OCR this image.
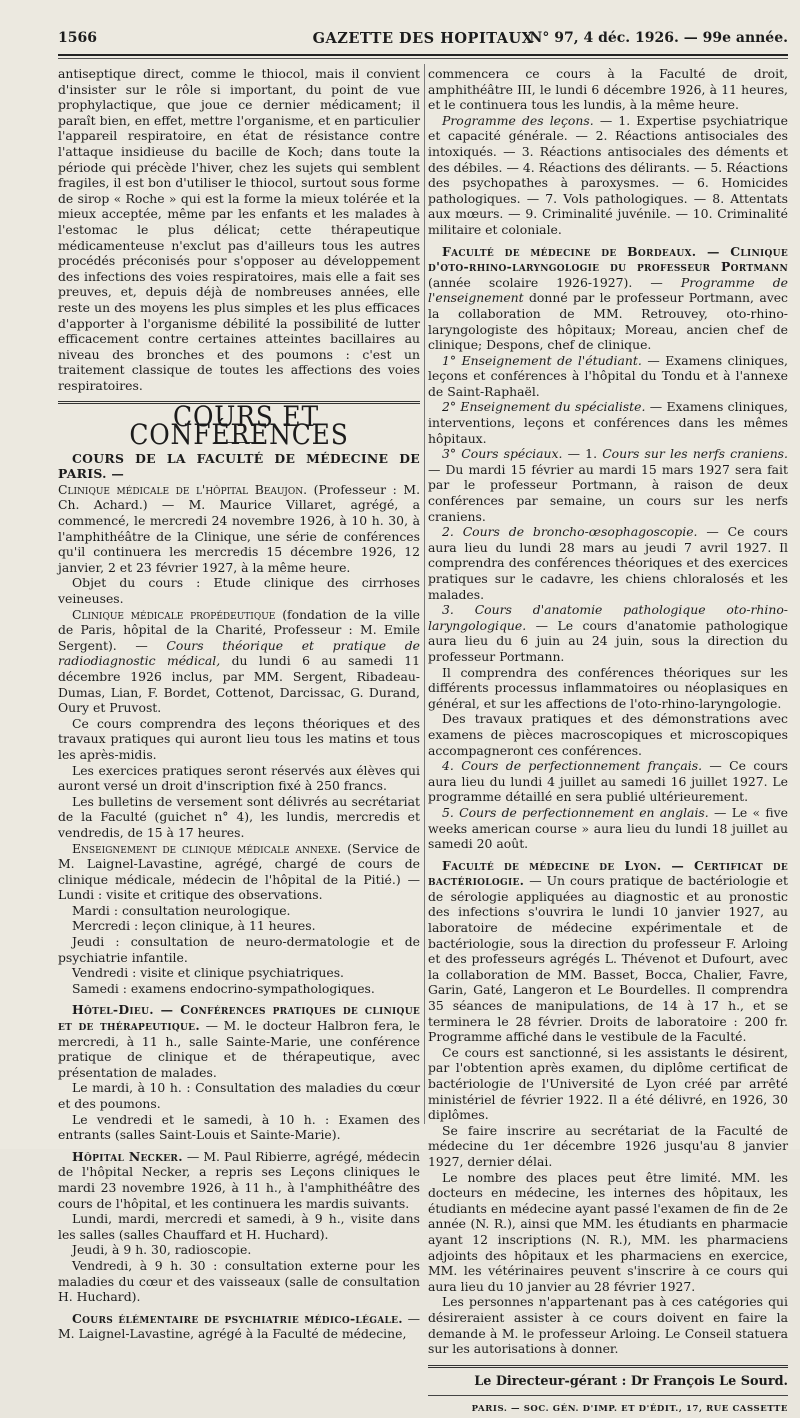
1566	GAZETTE DES HOPITAUX
N° 97, 4 déc. 1926. — 99e année.

antiseptique direct, comme le thiocol, mais il convient d'insister sur le rôle si important, du point de vue prophylactique, que joue ce dernier médicament; il paraît bien, en effet, mettre l'organisme, et en particulier l'appareil respiratoire, en état de résistance contre l'attaque insidieuse du bacille de Koch; dans toute la période qui précède l'hiver, chez les sujets qui semblent fragiles, il est bon d'utiliser le thiocol, surtout sous forme de sirop « Roche » qui est la forme la mieux tolérée et la mieux acceptée, même par les enfants et les malades à l'estomac le plus délicat; cette thérapeutique médicamenteuse n'exclut pas d'ailleurs tous les autres procédés préconisés pour s'opposer au développement des infections des voies respiratoires, mais elle a fait ses preuves, et, depuis déjà de nombreuses années, elle reste un des moyens les plus simples et les plus efficaces d'apporter à l'organisme débilité la possibilité de lutter efficacement contre certaines atteintes bacillaires au niveau des bronches et des poumons : c'est un traitement classique de toutes les affections des voies respiratoires.

COURS ET CONFÉRENCES

COURS DE LA FACULTÉ DE MÉDECINE DE PARIS. —

Clinique médicale de l'hôpital Beaujon. (Professeur : M. Ch. Achard.) — M. Maurice Villaret, agrégé, a commencé, le mercredi 24 novembre 1926, à 10 h. 30, à l'amphithéâtre de la Clinique, une série de conférences qu'il continuera les mercredis 15 décembre 1926, 12 janvier, 2 et 23 février 1927, à la même heure.

Objet du cours : Etude clinique des cirrhoses veineuses.

Clinique médicale propédeutique (fondation de la ville de Paris, hôpital de la Charité, Professeur : M. Emile Sergent). — Cours théorique et pratique de radiodiagnostic médical, du lundi 6 au samedi 11 décembre 1926 inclus, par MM. Sergent, Ribadeau-Dumas, Lian, F. Bordet, Cottenot, Darcissac, G. Durand, Oury et Pruvost.

Ce cours comprendra des leçons théoriques et des travaux pratiques qui auront lieu tous les matins et tous les après-midis.

Les exercices pratiques seront réservés aux élèves qui auront versé un droit d'inscription fixé à 250 francs.

Les bulletins de versement sont délivrés au secrétariat de la Faculté (guichet n° 4), les lundis, mercredis et vendredis, de 15 à 17 heures.

Enseignement de clinique médicale annexe. (Service de M. Laignel-Lavastine, agrégé, chargé de cours de clinique médicale, médecin de l'hôpital de la Pitié.) — Lundi : visite et critique des observations.

Mardi : consultation neurologique.

Mercredi : leçon clinique, à 11 heures.

Jeudi : consultation de neuro-dermatologie et de psychiatrie infantile.

Vendredi : visite et clinique psychiatriques.

Samedi : examens endocrino-sympathologiques.

Hôtel-Dieu. — Conférences pratiques de clinique et de thérapeutique. — M. le docteur Halbron fera, le mercredi, à 11 h., salle Sainte-Marie, une conférence pratique de clinique et de thérapeutique, avec présentation de malades.

Le mardi, à 10 h. : Consultation des maladies du cœur et des poumons.

Le vendredi et le samedi, à 10 h. : Examen des entrants (salles Saint-Louis et Sainte-Marie).

Hôpital Necker. — M. Paul Ribierre, agrégé, médecin de l'hôpital Necker, a repris ses Leçons cliniques le mardi 23 novembre 1926, à 11 h., à l'amphithéâtre des cours de l'hôpital, et les continuera les mardis suivants.

Lundi, mardi, mercredi et samedi, à 9 h., visite dans les salles (salles Chauffard et H. Huchard).

Jeudi, à 9 h. 30, radioscopie.

Vendredi, à 9 h. 30 : consultation externe pour les maladies du cœur et des vaisseaux (salle de consultation H. Huchard).

Cours élémentaire de psychiatrie médico-légale. — M. Laignel-Lavastine, agrégé à la Faculté de médecine,

commencera ce cours à la Faculté de droit, amphithéâtre III, le lundi 6 décembre 1926, à 11 heures, et le continuera tous les lundis, à la même heure.

Programme des leçons. — 1. Expertise psychiatrique et capacité générale. — 2. Réactions antisociales des intoxiqués. — 3. Réactions antisociales des déments et des débiles. — 4. Réactions des délirants. — 5. Réactions des psychopathes à paroxysmes. — 6. Homicides pathologiques. — 7. Vols pathologiques. — 8. Attentats aux mœurs. — 9. Criminalité juvénile. — 10. Criminalité militaire et coloniale.

Faculté de médecine de Bordeaux. — Clinique d'oto-rhino-laryngologie du professeur Portmann (année scolaire 1926-1927). — Programme de l'enseignement donné par le professeur Portmann, avec la collaboration de MM. Retrouvey, oto-rhino-laryngologiste des hôpitaux; Moreau, ancien chef de clinique; Despons, chef de clinique.

1° Enseignement de l'étudiant. — Examens cliniques, leçons et conférences à l'hôpital du Tondu et à l'annexe de Saint-Raphaël.

2° Enseignement du spécialiste. — Examens cliniques, interventions, leçons et conférences dans les mêmes hôpitaux.

3° Cours spéciaux. — 1. Cours sur les nerfs craniens. — Du mardi 15 février au mardi 15 mars 1927 sera fait par le professeur Portmann, à raison de deux conférences par semaine, un cours sur les nerfs craniens.

2. Cours de broncho-œsophagoscopie. — Ce cours aura lieu du lundi 28 mars au jeudi 7 avril 1927. Il comprendra des conférences théoriques et des exercices pratiques sur le cadavre, les chiens chloralosés et les malades.

3. Cours d'anatomie pathologique oto-rhino-laryngologique. — Le cours d'anatomie pathologique aura lieu du 6 juin au 24 juin, sous la direction du professeur Portmann.

Il comprendra des conférences théoriques sur les différents processus inflammatoires ou néoplasiques en général, et sur les affections de l'oto-rhino-laryngologie.

Des travaux pratiques et des démonstrations avec examens de pièces macroscopiques et microscopiques accompagneront ces conférences.

4. Cours de perfectionnement français. — Ce cours aura lieu du lundi 4 juillet au samedi 16 juillet 1927. Le programme détaillé en sera publié ultérieurement.

5. Cours de perfectionnement en anglais. — Le « five weeks american course » aura lieu du lundi 18 juillet au samedi 20 août.

Faculté de médecine de Lyon. — Certificat de bactériologie. — Un cours pratique de bactériologie et de sérologie appliquées au diagnostic et au pronostic des infections s'ouvrira le lundi 10 janvier 1927, au laboratoire de médecine expérimentale et de bactériologie, sous la direction du professeur F. Arloing et des professeurs agrégés L. Thévenot et Dufourt, avec la collaboration de MM. Basset, Bocca, Chalier, Favre, Garin, Gaté, Langeron et Le Bourdelles. Il comprendra 35 séances de manipulations, de 14 à 17 h., et se terminera le 28 février. Droits de laboratoire : 200 fr. Programme affiché dans le vestibule de la Faculté.

Ce cours est sanctionné, si les assistants le désirent, par l'obtention après examen, du diplôme certificat de bactériologie de l'Université de Lyon créé par arrêté ministériel de février 1922. Il a été délivré, en 1926, 30 diplômes.

Se faire inscrire au secrétariat de la Faculté de médecine du 1er décembre 1926 jusqu'au 8 janvier 1927, dernier délai.

Le nombre des places peut être limité. MM. les docteurs en médecine, les internes des hôpitaux, les étudiants en médecine ayant passé l'examen de fin de 2e année (N. R.), ainsi que MM. les étudiants en pharmacie ayant 12 inscriptions (N. R.), MM. les pharmaciens adjoints des hôpitaux et les pharmaciens en exercice, MM. les vétérinaires peuvent s'inscrire à ce cours qui aura lieu du 10 janvier au 28 février 1927.

Les personnes n'appartenant pas à ces catégories qui désireraient assister à ce cours doivent en faire la demande à M. le professeur Arloing. Le Conseil statuera sur les autorisations à donner.

Le Directeur-gérant : Dr François Le Sourd.

PARIS. — SOC. GÉN. D'IMP. ET D'ÉDIT., 17, RUE CASSETTE
